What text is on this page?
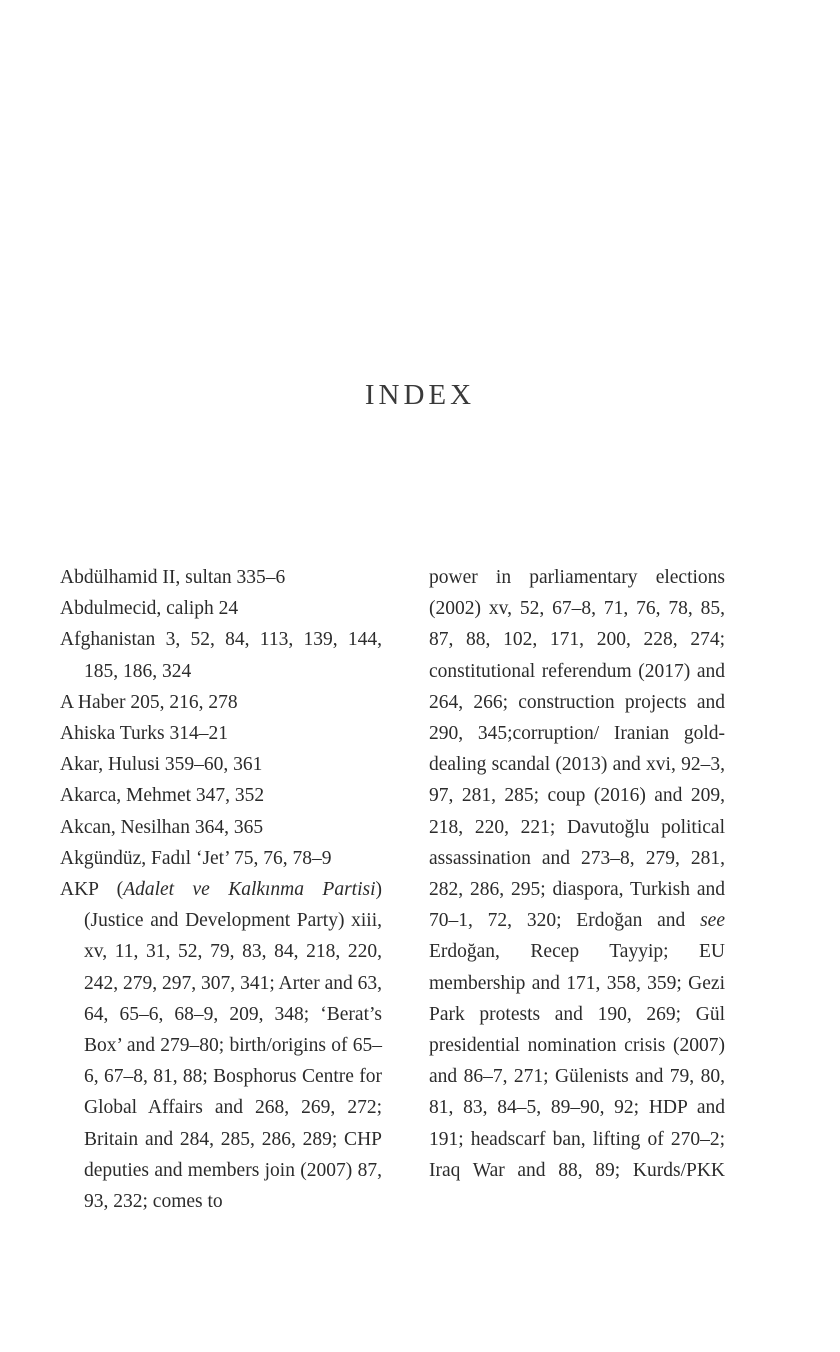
INDEX

Abdülhamid II, sultan 335–6

Abdulmecid, caliph 24

Afghanistan 3, 52, 84, 113, 139, 144, 185, 186, 324

A Haber 205, 216, 278

Ahiska Turks 314–21

Akar, Hulusi 359–60, 361

Akarca, Mehmet 347, 352

Akcan, Nesilhan 364, 365

Akgündüz, Fadıl ‘Jet’ 75, 76, 78–9

AKP (Adalet ve Kalkınma Partisi) (Justice and Development Party) xiii, xv, 11, 31, 52, 79, 83, 84, 218, 220, 242, 279, 297, 307, 341; Arter and 63, 64, 65–6, 68–9, 209, 348; ‘Berat’s Box’ and 279–80; birth/origins of 65–6, 67–8, 81, 88; Bosphorus Centre for Global Affairs and 268, 269, 272; Britain and 284, 285, 286, 289; CHP deputies and members join (2007) 87, 93, 232; comes to

power in parliamentary elections (2002) xv, 52, 67–8, 71, 76, 78, 85, 87, 88, 102, 171, 200, 228, 274; constitutional referendum (2017) and 264, 266; construction projects and 290, 345;corruption/ Iranian gold-dealing scandal (2013) and xvi, 92–3, 97, 281, 285; coup (2016) and 209, 218, 220, 221; Davutoğlu political assassination and 273–8, 279, 281, 282, 286, 295; diaspora, Turkish and 70–1, 72, 320; Erdoğan and see Erdoğan, Recep Tayyip; EU membership and 171, 358, 359; Gezi Park protests and 190, 269; Gül presidential nomination crisis (2007) and 86–7, 271; Gülenists and 79, 80, 81, 83, 84–5, 89–90, 92; HDP and 191; headscarf ban, lifting of 270–2; Iraq War and 88, 89; Kurds/PKK
